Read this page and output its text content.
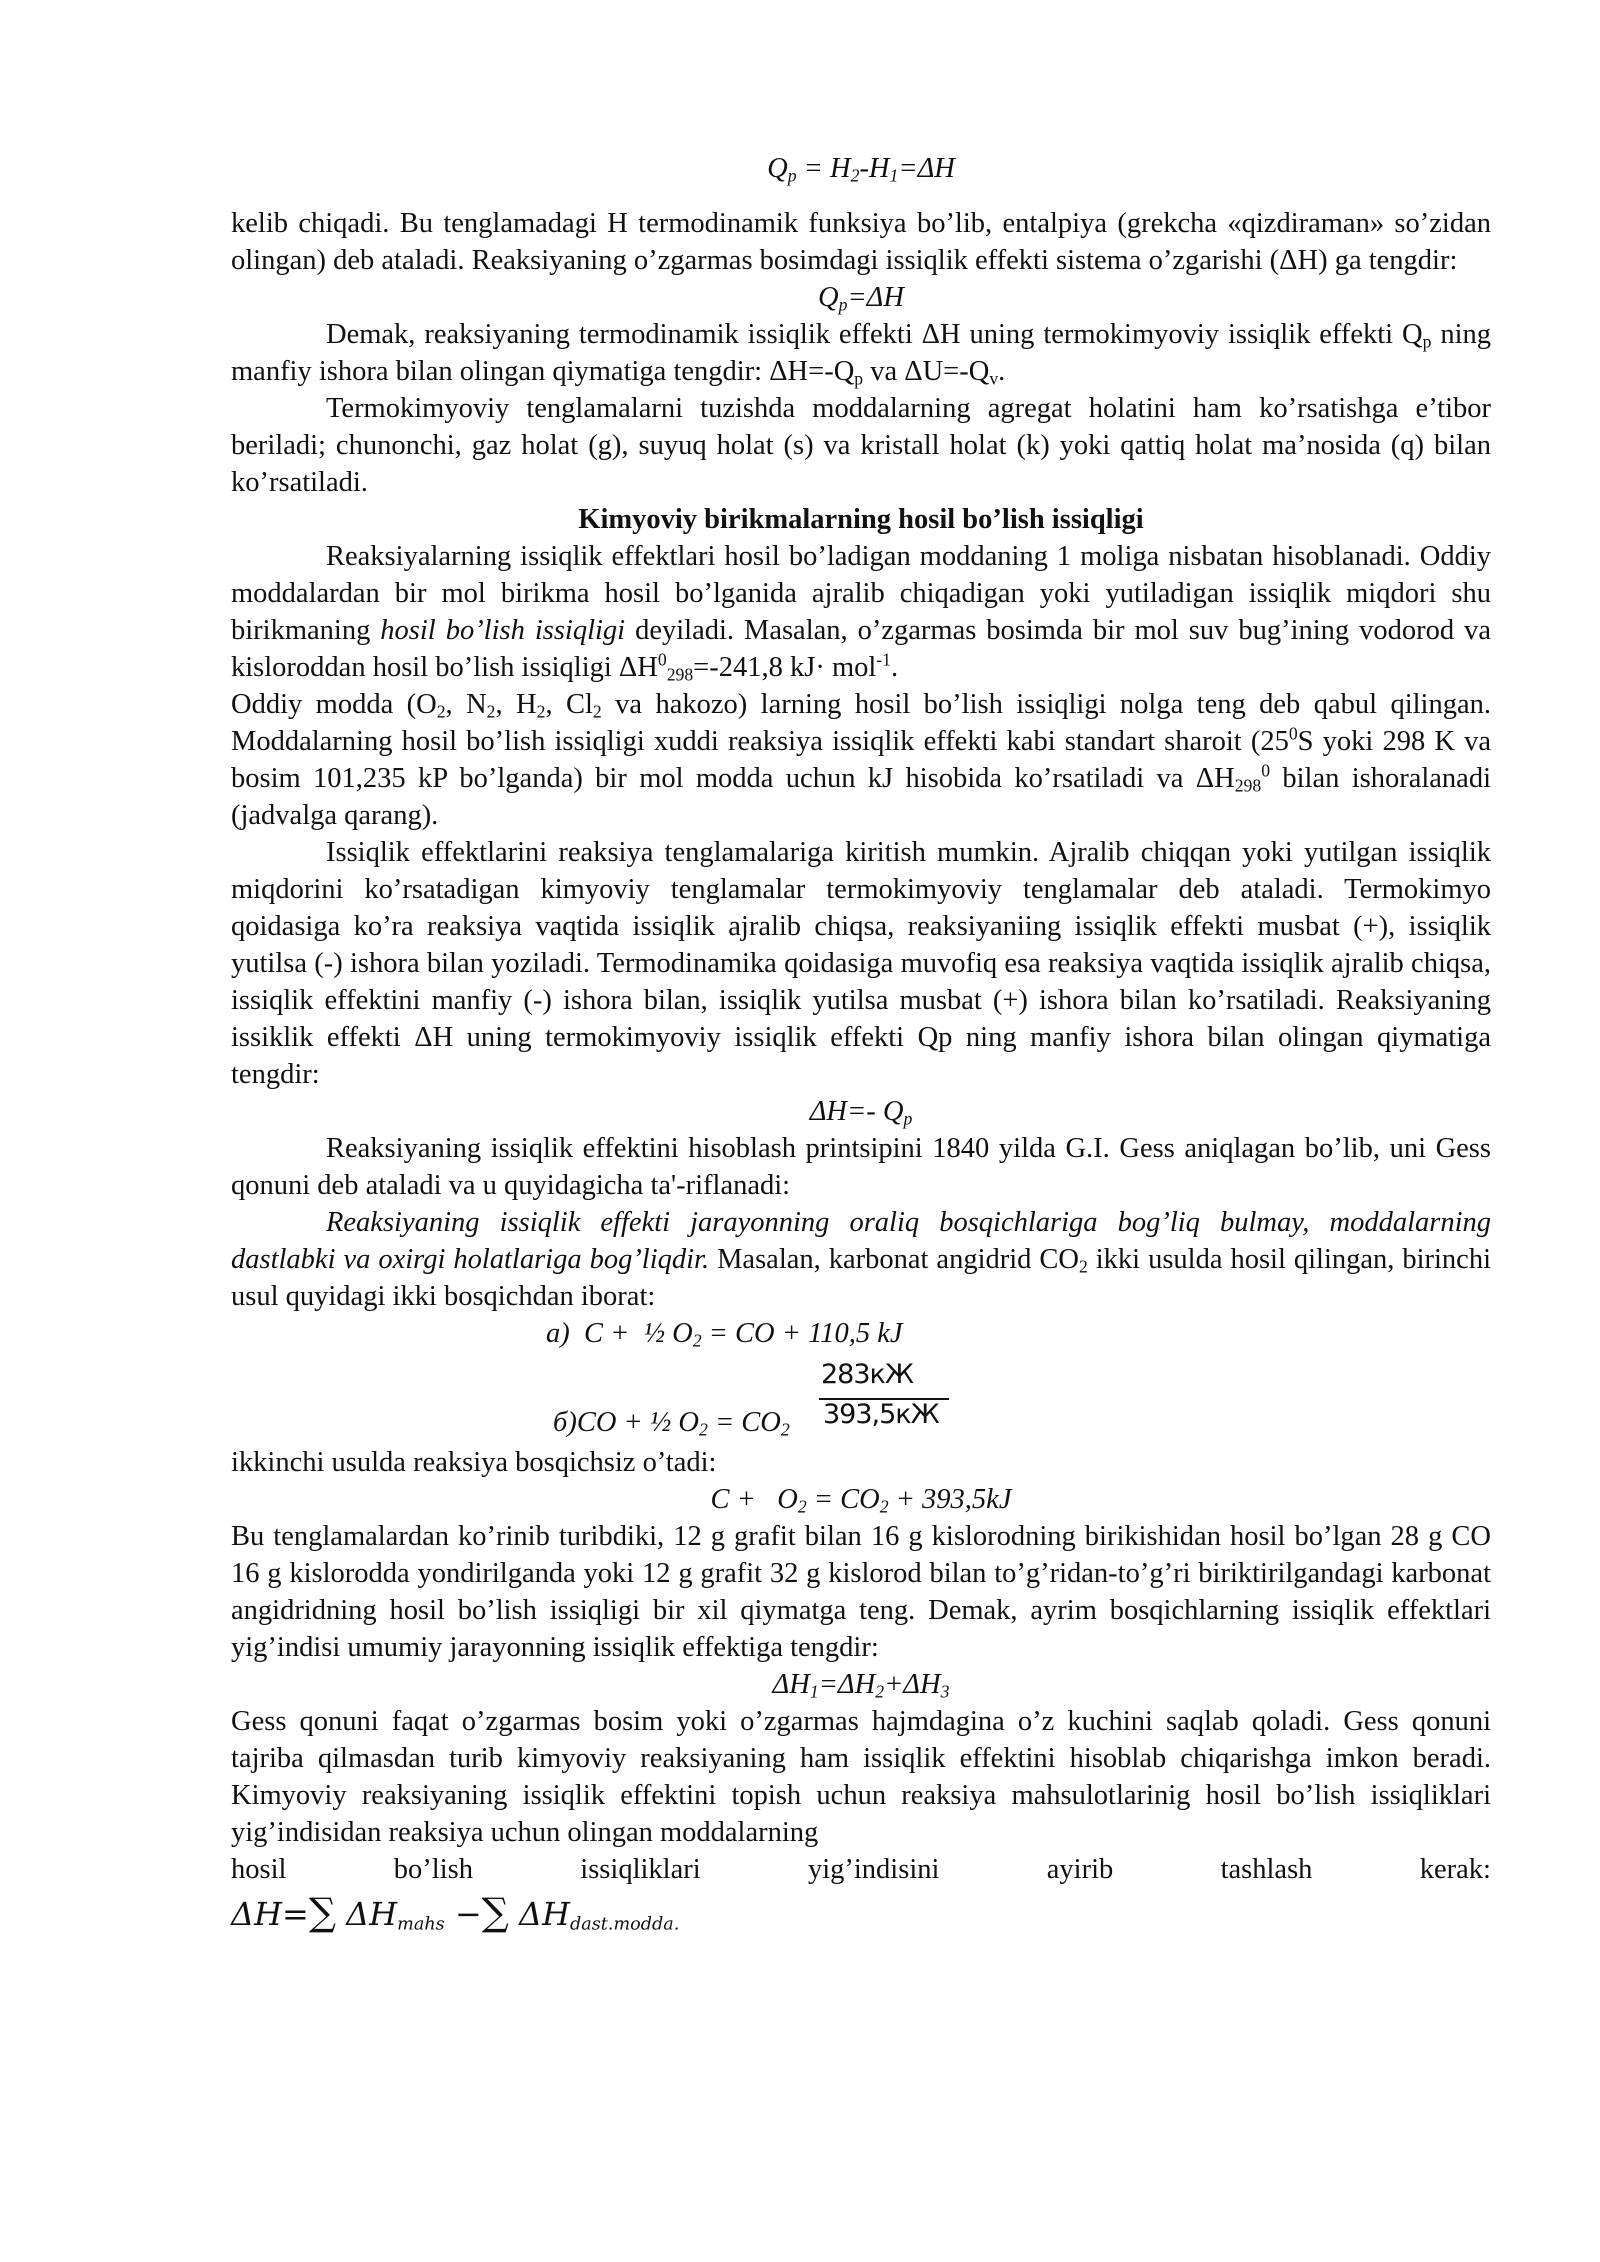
$Q_p = H_2-H_1=\Delta H$

kelib chiqadi. Bu tenglamadagi H termodinamik funksiya bo’lib, entalpiya (grekcha «qizdiraman» so’zidan olingan) deb ataladi. Reaksiyaning o’zgarmas bosimdagi issiqlik effekti sistema o’zgarishi (ΔH) ga tengdir:

$Q_p=\Delta H$

Demak, reaksiyaning termodinamik issiqlik effekti ΔH uning termokimyoviy issiqlik effekti $Q_p$ ning manfiy ishora bilan olingan qiymatiga tengdir: $\Delta H=-Q_p$ va $\Delta U=-Q_v$.

Termokimyoviy tenglamalarni tuzishda moddalarning agregat holatini ham ko’rsatishga e’tibor beriladi; chunonchi, gaz holat (g), suyuq holat (s) va kristall holat (k) yoki qattiq holat ma’nosida (q) bilan ko’rsatiladi.

Kimyoviy birikmalarning hosil bo’lish issiqligi

Reaksiyalarning issiqlik effektlari hosil bo’ladigan moddaning 1 moliga nisbatan hisoblanadi. Oddiy moddalardan bir mol birikma hosil bo’lganida ajralib chiqadigan yoki yutiladigan issiqlik miqdori shu birikmaning hosil bo’lish issiqligi deyiladi. Masalan, o’zgarmas bosimda bir mol suv bug’ining vodorod va kisloroddan hosil bo’lish issiqligi $\Delta H^0_{298}=-241,8$ kJ· mol$^{-1}$.

Oddiy modda ($O_2$, $N_2$, $H_2$, $Cl_2$ va hakozo) larning hosil bo’lish issiqligi nolga teng deb qabul qilingan. Moddalarning hosil bo’lish issiqligi xuddi reaksiya issiqlik effekti kabi standart sharoit ($25^0S$ yoki 298 K va bosim 101,235 kP bo’lganda) bir mol modda uchun kJ hisobida ko’rsatiladi va $\Delta H_{298}^0$ bilan ishoralanadi (jadvalga qarang).

Issiqlik effektlarini reaksiya tenglamalariga kiritish mumkin. Ajralib chiqqan yoki yutilgan issiqlik miqdorini ko’rsatadigan kimyoviy tenglamalar termokimyoviy tenglamalar deb ataladi. Termokimyo qoidasiga ko’ra reaksiya vaqtida issiqlik ajralib chiqsa, reaksiyaniing issiqlik effekti musbat (+), issiqlik yutilsa (-) ishora bilan yoziladi. Termodinamika qoidasiga muvofiq esa reaksiya vaqtida issiqlik ajralib chiqsa, issiqlik effektini manfiy (-) ishora bilan, issiqlik yutilsa musbat (+) ishora bilan ko’rsatiladi. Reaksiyaning issiklik effekti ΔH uning termokimyoviy issiqlik effekti Qp ning manfiy ishora bilan olingan qiymatiga tengdir:

ΔH=- $Q_p$

Reaksiyaning issiqlik effektini hisoblash printsipini 1840 yilda G.I. Gess aniqlagan bo’lib, uni Gess qonuni deb ataladi va u quyidagicha ta'-riflanadi:

Reaksiyaning issiqlik effekti jarayonning oraliq bosqichlariga bog’liq bulmay, moddalarning dastlabki va oxirgi holatlariga bog’liqdir. Masalan, karbonat angidrid $CO_2$ ikki usulda hosil qilingan, birinchi usul quyidagi ikki bosqichdan iborat:

a)  C +  ½ $O_2$ = CO + 110,5 kJ

283кЖ
б)CO + ½ $O_2 = CO_2$ 393,5кЖ

ikkinchi usulda reaksiya bosqichsiz o’tadi:

$C + O_2 = CO_2 + 393,5kJ$

Bu tenglamalardan ko’rinib turibdiki, 12 g grafit bilan 16 g kislorodning birikishidan hosil bo’lgan 28 g CO 16 g kislorodda yondirilganda yoki 12 g grafit 32 g kislorod bilan to’g’ridan-to’g’ri biriktirilgandagi karbonat angidridning hosil bo’lish issiqligi bir xil qiymatga teng. Demak, ayrim bosqichlarning issiqlik effektlari yig’indisi umumiy jarayonning issiqlik effektiga tengdir:

$\Delta H_1=\Delta H_2+\Delta H_3$

Gess qonuni faqat o’zgarmas bosim yoki o’zgarmas hajmdagina o’z kuchini saqlab qoladi. Gess qonuni tajriba qilmasdan turib kimyoviy reaksiyaning ham issiqlik effektini hisoblab chiqarishga imkon beradi. Kimyoviy reaksiyaning issiqlik effektini topish uchun reaksiya mahsulotlarinig hosil bo’lish issiqliklari yig’indisidan reaksiya uchun olingan moddalarning

hosil	bo’lish	issiqliklari	yig’indisini	ayirib	tashlash	kerak:
ΔH=∑ $\Delta H_{mahs}$ −∑ $\Delta H_{dast.modda.}$
